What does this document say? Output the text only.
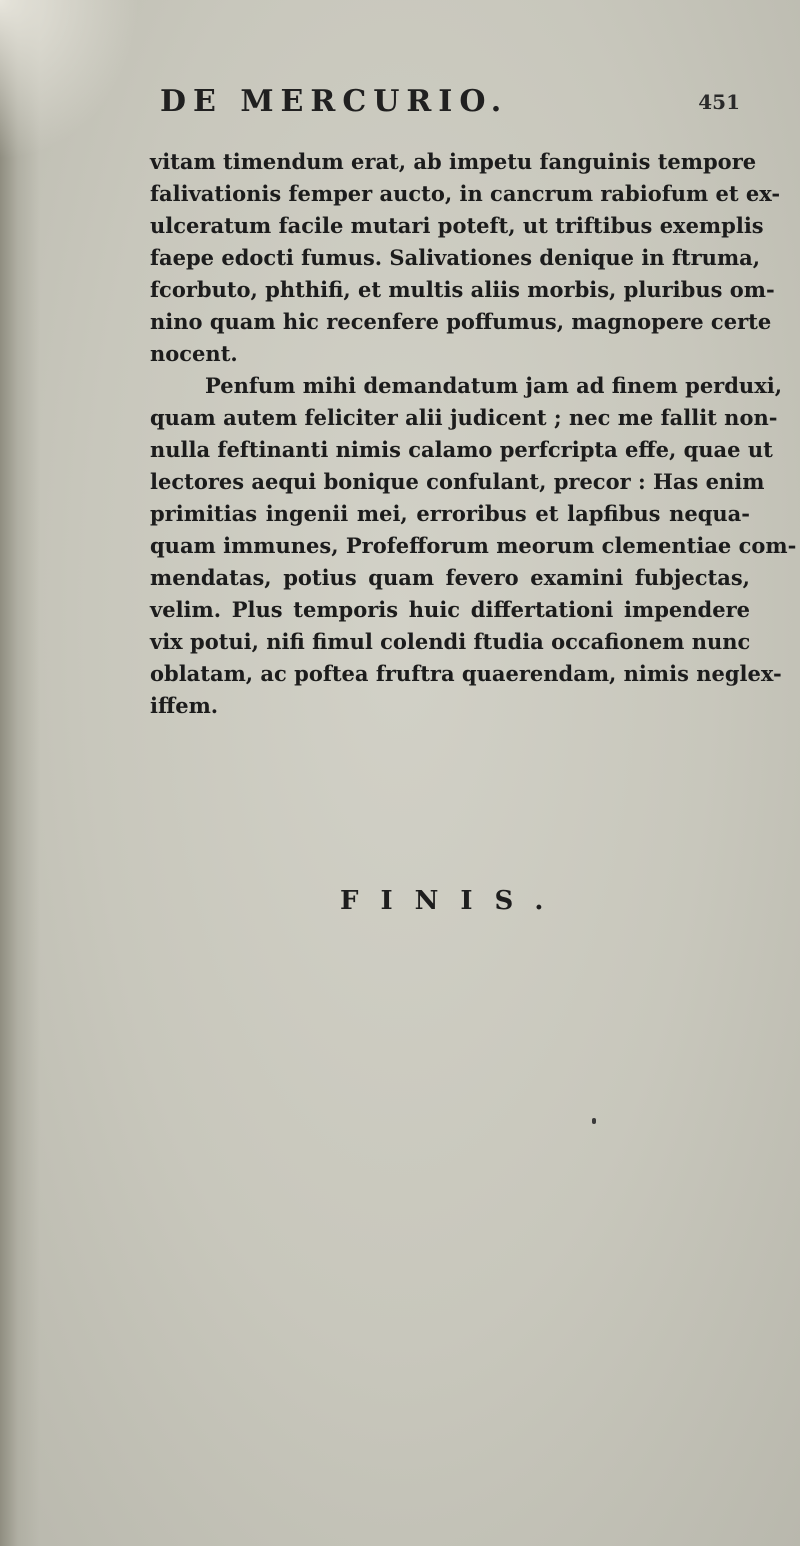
DE MERCURIO.	451
vitam timendum erat, ab impetu fanguinis tempore
falivationis femper aucto, in cancrum rabiofum et ex-
ulceratum facile mutari poteft, ut triftibus exemplis
faepe edocti fumus. Salivationes denique in ftruma,
fcorbuto, phthifi, et multis aliis morbis, pluribus om-
nino quam hic recenfere poffumus, magnopere certe
nocent.
Penfum mihi demandatum jam ad finem perduxi,
quam autem feliciter alii judicent ; nec me fallit non-
nulla feftinanti nimis calamo perfcripta effe, quae ut
lectores aequi bonique confulant, precor : Has enim
primitias ingenii mei, erroribus et lapfibus nequa-
quam immunes, Profefforum meorum clementiae com-
mendatas, potius quam fevero examini fubjectas,
velim. Plus temporis huic differtationi impendere
vix potui, nifi fimul colendi ftudia occafionem nunc
oblatam, ac poftea fruftra quaerendam, nimis neglex-
iffem.
FINIS.
